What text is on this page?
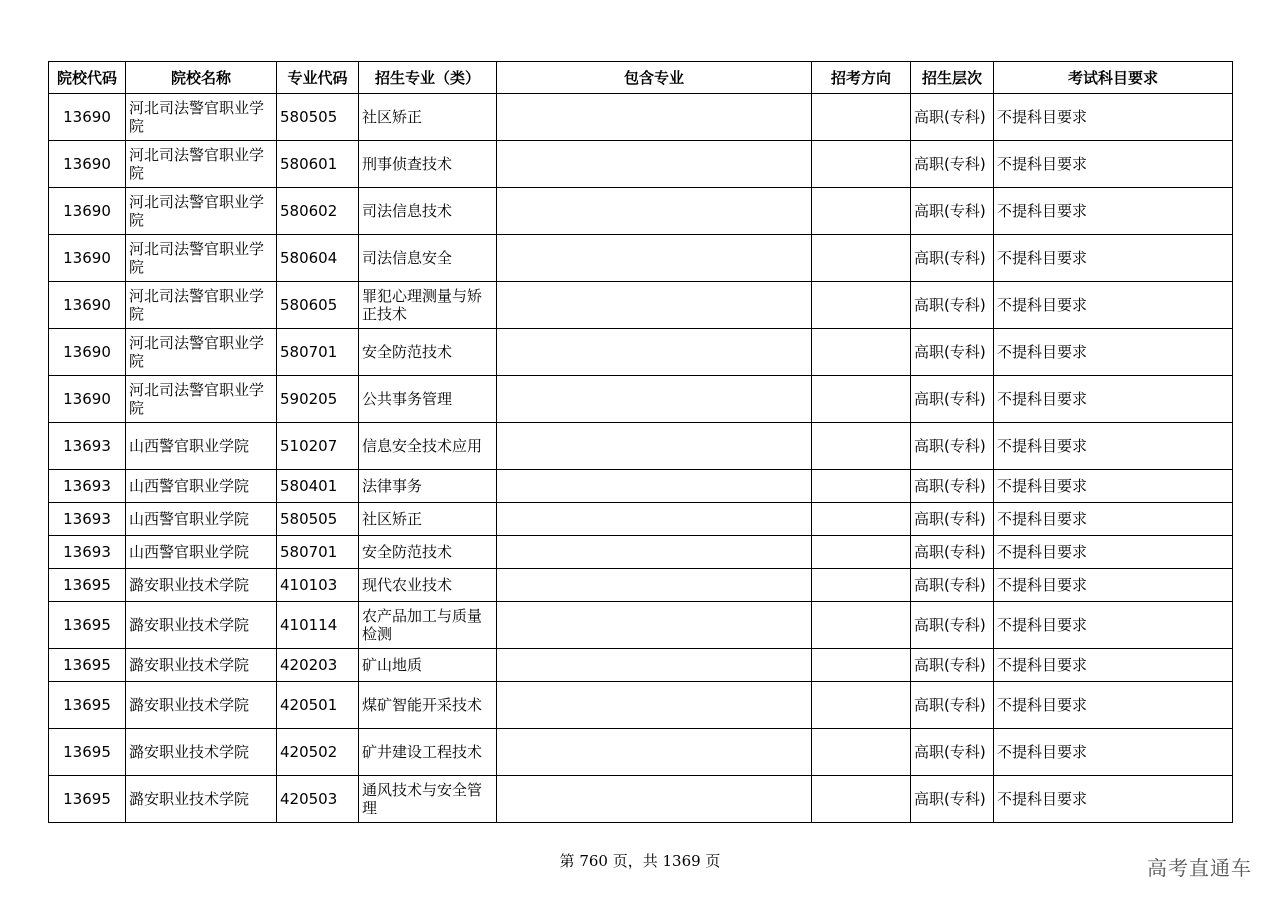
院校代码	院校名称	专业代码	招生专业（类）	包含专业	招考方向	招生层次	考试科目要求
13690	河北司法警官职业学院	580505	社区矫正			高职(专科)	不提科目要求
13690	河北司法警官职业学院	580601	刑事侦查技术			高职(专科)	不提科目要求
13690	河北司法警官职业学院	580602	司法信息技术			高职(专科)	不提科目要求
13690	河北司法警官职业学院	580604	司法信息安全			高职(专科)	不提科目要求
13690	河北司法警官职业学院	580605	罪犯心理测量与矫正技术			高职(专科)	不提科目要求
13690	河北司法警官职业学院	580701	安全防范技术			高职(专科)	不提科目要求
13690	河北司法警官职业学院	590205	公共事务管理			高职(专科)	不提科目要求
13693	山西警官职业学院	510207	信息安全技术应用			高职(专科)	不提科目要求
13693	山西警官职业学院	580401	法律事务			高职(专科)	不提科目要求
13693	山西警官职业学院	580505	社区矫正			高职(专科)	不提科目要求
13693	山西警官职业学院	580701	安全防范技术			高职(专科)	不提科目要求
13695	潞安职业技术学院	410103	现代农业技术			高职(专科)	不提科目要求
13695	潞安职业技术学院	410114	农产品加工与质量检测			高职(专科)	不提科目要求
13695	潞安职业技术学院	420203	矿山地质			高职(专科)	不提科目要求
13695	潞安职业技术学院	420501	煤矿智能开采技术			高职(专科)	不提科目要求
13695	潞安职业技术学院	420502	矿井建设工程技术			高职(专科)	不提科目要求
13695	潞安职业技术学院	420503	通风技术与安全管理			高职(专科)	不提科目要求
第 760 页，共 1369 页	高考直通车
